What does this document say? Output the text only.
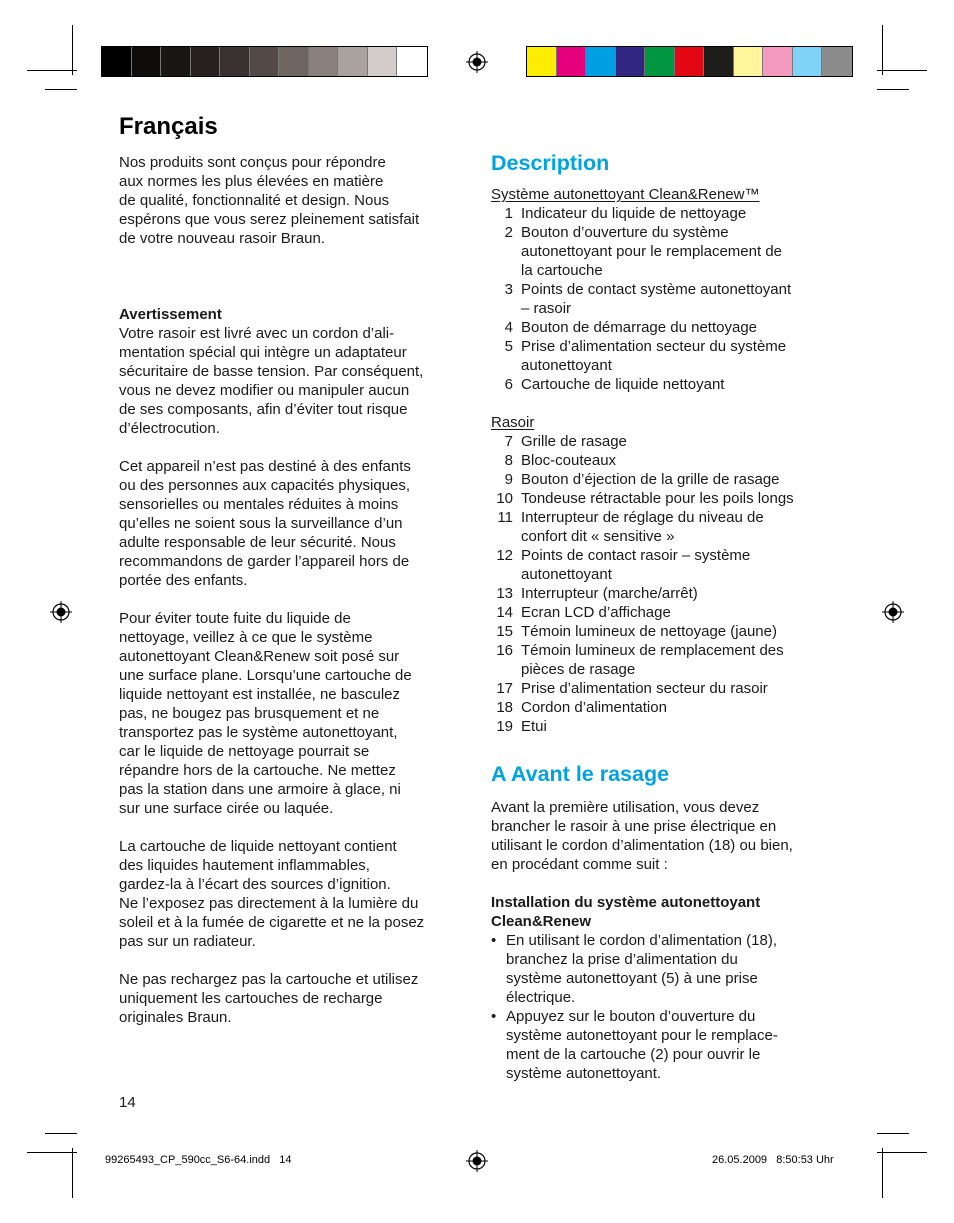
Français

Nos produits sont conçus pour répondre
aux normes les plus élevées en matière
de qualité, fonctionnalité et design. Nous
espérons que vous serez pleinement satisfait
de votre nouveau rasoir Braun.

Avertissement

Votre rasoir est livré avec un cordon d’ali-
mentation spécial qui intègre un adaptateur
sécuritaire de basse tension. Par conséquent,
vous ne devez modifier ou manipuler aucun
de ses composants, afin d’éviter tout risque
d’électrocution.

Cet appareil n’est pas destiné à des enfants
ou des personnes aux capacités physiques,
sensorielles ou mentales réduites à moins
qu’elles ne soient sous la surveillance d’un
adulte responsable de leur sécurité. Nous
recommandons de garder l’appareil hors de
portée des enfants.

Pour éviter toute fuite du liquide de
nettoyage, veillez à ce que le système
autonettoyant Clean&Renew soit posé sur
une surface plane. Lorsqu’une cartouche de
liquide nettoyant est installée, ne basculez
pas, ne bougez pas brusquement et ne
transportez pas le système autonettoyant,
car le liquide de nettoyage pourrait se
répandre hors de la cartouche. Ne mettez
pas la station dans une armoire à glace, ni
sur une surface cirée ou laquée.

La cartouche de liquide nettoyant contient
des liquides hautement inflammables,
gardez-la à l’écart des sources d’ignition.
Ne l’exposez pas directement à la lumière du
soleil et à la fumée de cigarette et ne la posez
pas sur un radiateur.

Ne pas rechargez pas la cartouche et utilisez
uniquement les cartouches de recharge
originales Braun.

Description
Système autonettoyant Clean&Renew™
1 Indicateur du liquide de nettoyage
2 Bouton d’ouverture du système
autonettoyant pour le remplacement de
la cartouche
3 Points de contact système autonettoyant
– rasoir
4 Bouton de démarrage du nettoyage
5 Prise d’alimentation secteur du système
autonettoyant
6 Cartouche de liquide nettoyant
Rasoir
7 Grille de rasage
8 Bloc-couteaux
9 Bouton d’éjection de la grille de rasage
10 Tondeuse rétractable pour les poils longs
11 Interrupteur de réglage du niveau de
confort dit « sensitive »
12 Points de contact rasoir – système
autonettoyant
13 Interrupteur (marche/arrêt)
14 Ecran LCD d’affichage
15 Témoin lumineux de nettoyage (jaune)
16 Témoin lumineux de remplacement des
pièces de rasage
17 Prise d’alimentation secteur du rasoir
18 Cordon d’alimentation
19 Etui
A Avant le rasage

Avant la première utilisation, vous devez
brancher le rasoir à une prise électrique en
utilisant le cordon d’alimentation (18) ou bien,
en procédant comme suit :

Installation du système autonettoyant
Clean&Renew

• En utilisant le cordon d’alimentation (18),
branchez la prise d’alimentation du
système autonettoyant (5) à une prise
électrique.
• Appuyez sur le bouton d’ouverture du
système autonettoyant pour le remplace-
ment de la cartouche (2) pour ouvrir le
système autonettoyant.
14
99265493_CP_590cc_S6-64.indd   14	26.05.2009   8:50:53 Uhr
